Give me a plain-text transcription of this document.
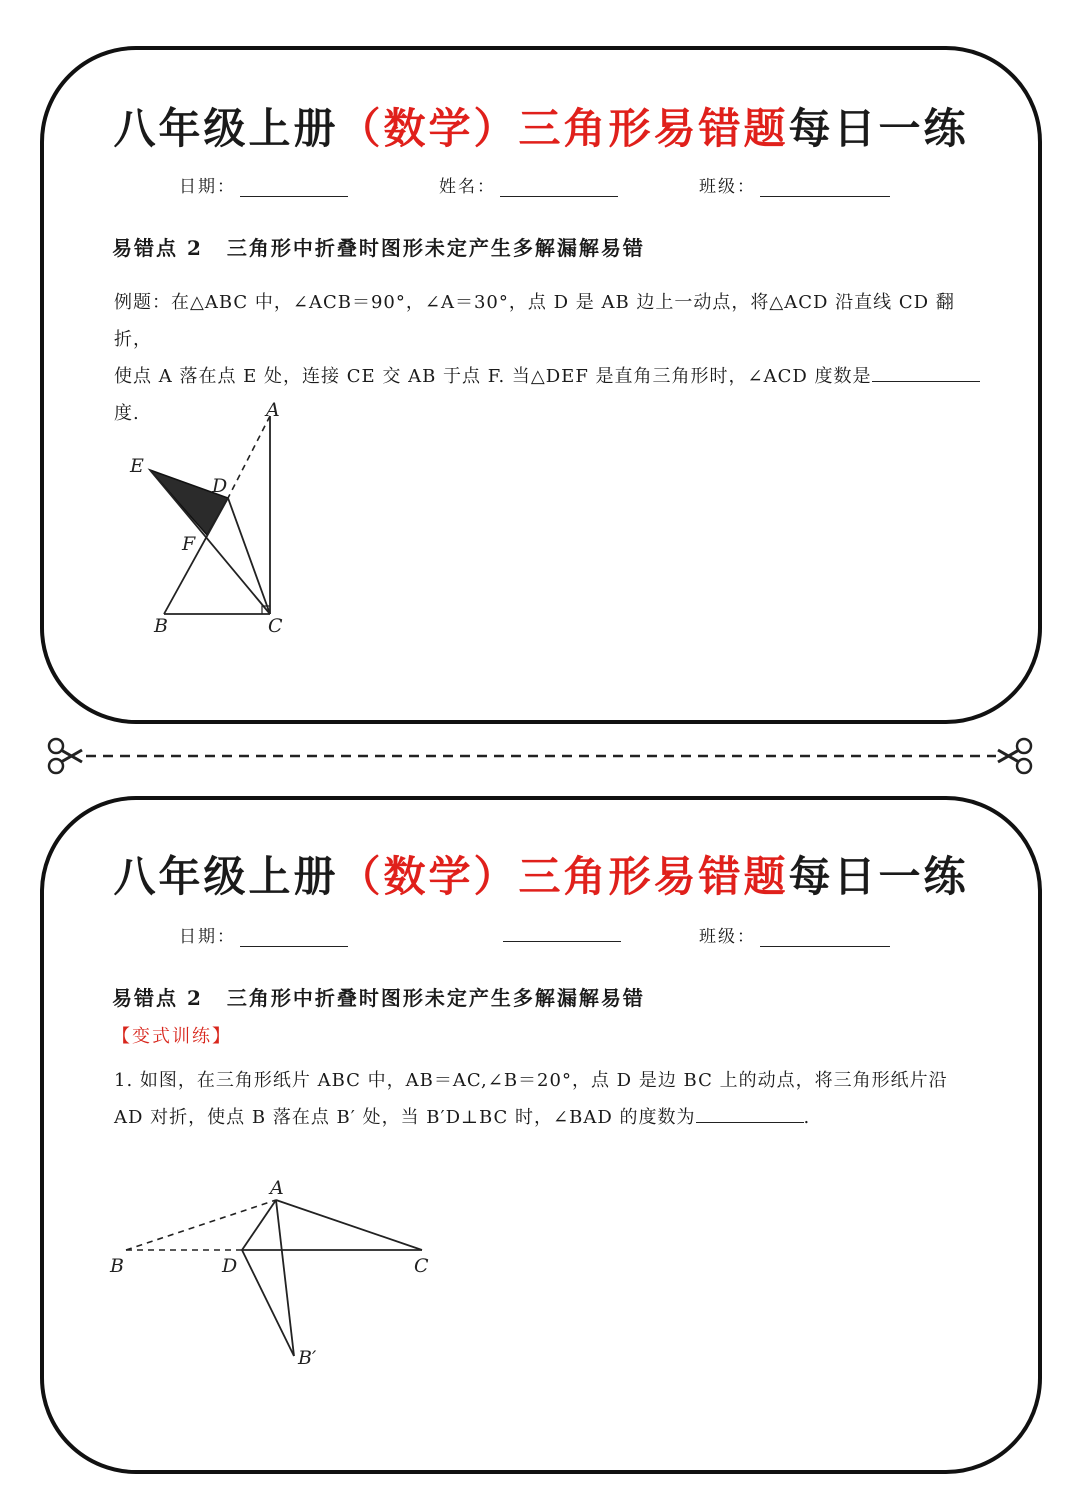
八年级上册（数学）三角形易错题每日一练
日期：	姓名：	班级：
易错点 2 三角形中折叠时图形未定产生多解漏解易错
例题：在△ABC 中，∠ACB＝90°，∠A＝30°，点 D 是 AB 边上一动点，将△ACD 沿直线 CD 翻折，
使点 A 落在点 E 处，连接 CE 交 AB 于点 F. 当△DEF 是直角三角形时，∠ACD 度数是
度.	A
E
D
F
B	C
八年级上册（数学）三角形易错题每日一练
日期：	班级：
易错点 2 三角形中折叠时图形未定产生多解漏解易错
【变式训练】
1. 如图，在三角形纸片 ABC 中，AB＝AC,∠B＝20°，点 D 是边 BC 上的动点，将三角形纸片沿
AD 对折，使点 B 落在点 B′ 处，当 B′D⊥BC 时，∠BAD 的度数为	.
A
B	D	C
B′
